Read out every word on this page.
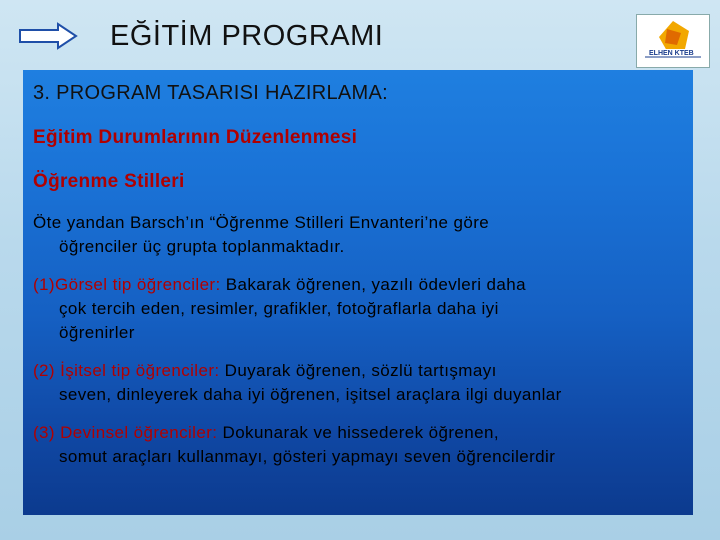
EĞİTİM PROGRAMI
ELHEN KTEB
3. PROGRAM TASARISI HAZIRLAMA:
Eğitim Durumlarının Düzenlenmesi
Öğrenme Stilleri
Öte yandan Barsch’ın “Öğrenme Stilleri Envanteri’ne göre
öğrenciler üç grupta toplanmaktadır.
(1)Görsel tip öğrenciler: Bakarak öğrenen, yazılı ödevleri daha
çok tercih eden, resimler, grafikler, fotoğraflarla daha iyi
öğrenirler
(2) İşitsel tip öğrenciler: Duyarak öğrenen, sözlü tartışmayı
seven, dinleyerek daha iyi öğrenen, işitsel araçlara ilgi duyanlar
(3) Devinsel öğrenciler: Dokunarak ve hissederek öğrenen,
somut araçları kullanmayı, gösteri yapmayı seven öğrencilerdir
